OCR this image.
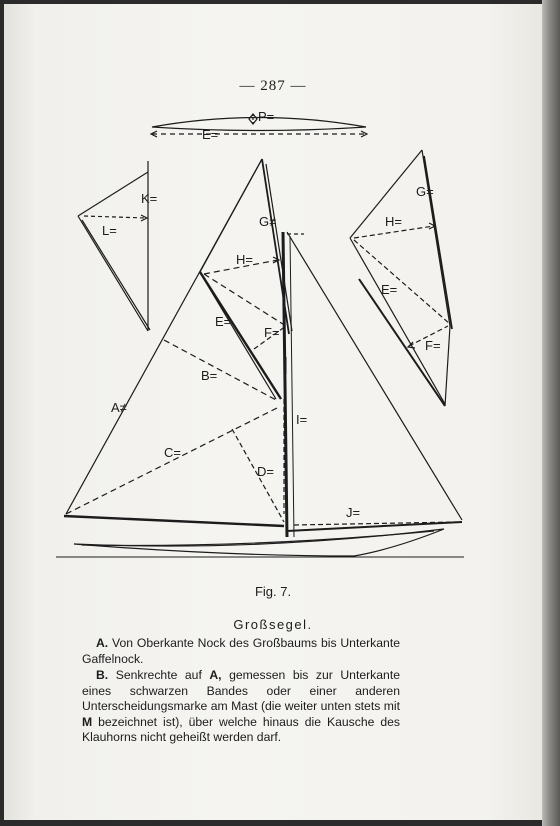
— 287 —
P=
E=
K=
L=
G≠
H=
E=
F=
B=
A≠
C=
D=
I=
J=
G=
H=
E=
F=
Fig. 7.
Großsegel.

A. Von Oberkante Nock des Großbaums bis Unterkante Gaffelnock.

B. Senkrechte auf A, gemessen bis zur Unterkante eines schwarzen Bandes oder einer anderen Unterscheidungsmarke am Mast (die weiter unten stets mit M bezeichnet ist), über welche hinaus die Kausche des Klauhorns nicht geheißt werden darf.
